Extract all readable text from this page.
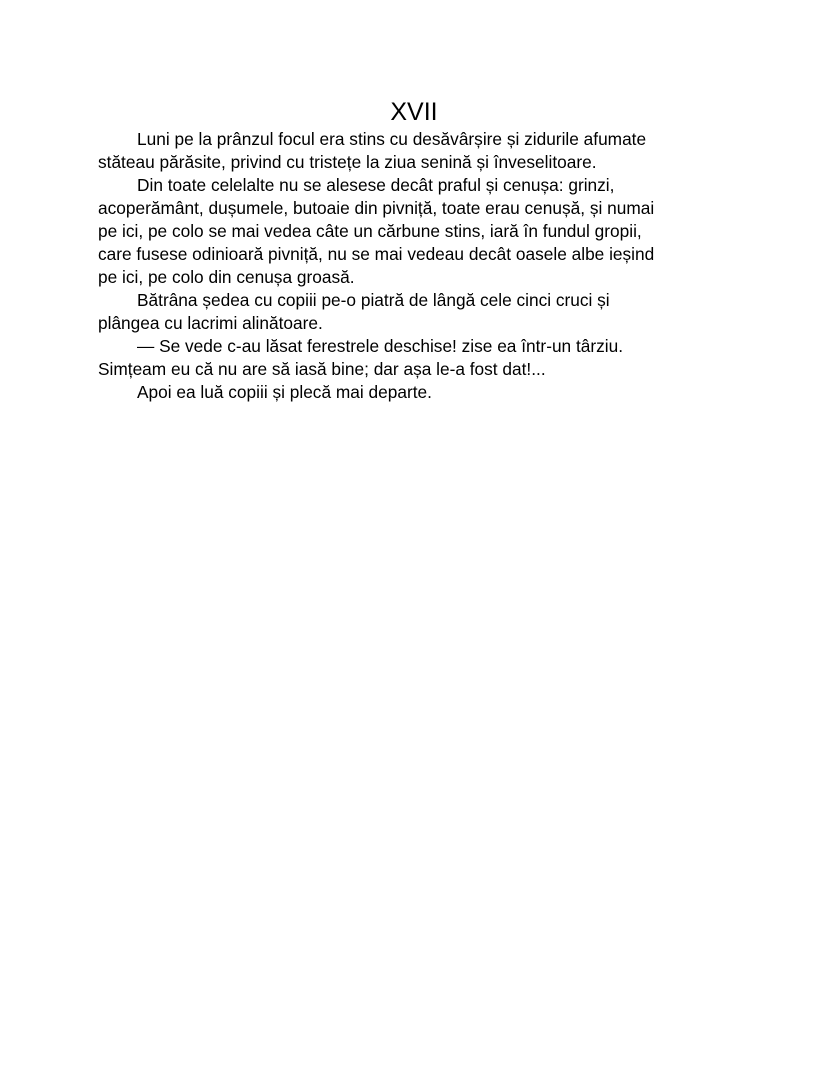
XVII
Luni pe la prânzul focul era stins cu desăvârșire și zidurile afumate
stăteau părăsite, privind cu tristețe la ziua senină și înveselitoare.
Din toate celelalte nu se alesese decât praful și cenușa: grinzi,
acoperământ, dușumele, butoaie din pivniță, toate erau cenușă, și numai
pe ici, pe colo se mai vedea câte un cărbune stins, iară în fundul gropii,
care fusese odinioară pivniță, nu se mai vedeau decât oasele albe ieșind
pe ici, pe colo din cenușa groasă.
Bătrâna ședea cu copiii pe-o piatră de lângă cele cinci cruci și
plângea cu lacrimi alinătoare.
— Se vede c-au lăsat ferestrele deschise! zise ea într-un târziu.
Simțeam eu că nu are să iasă bine; dar așa le-a fost dat!...
Apoi ea luă copiii și plecă mai departe.
